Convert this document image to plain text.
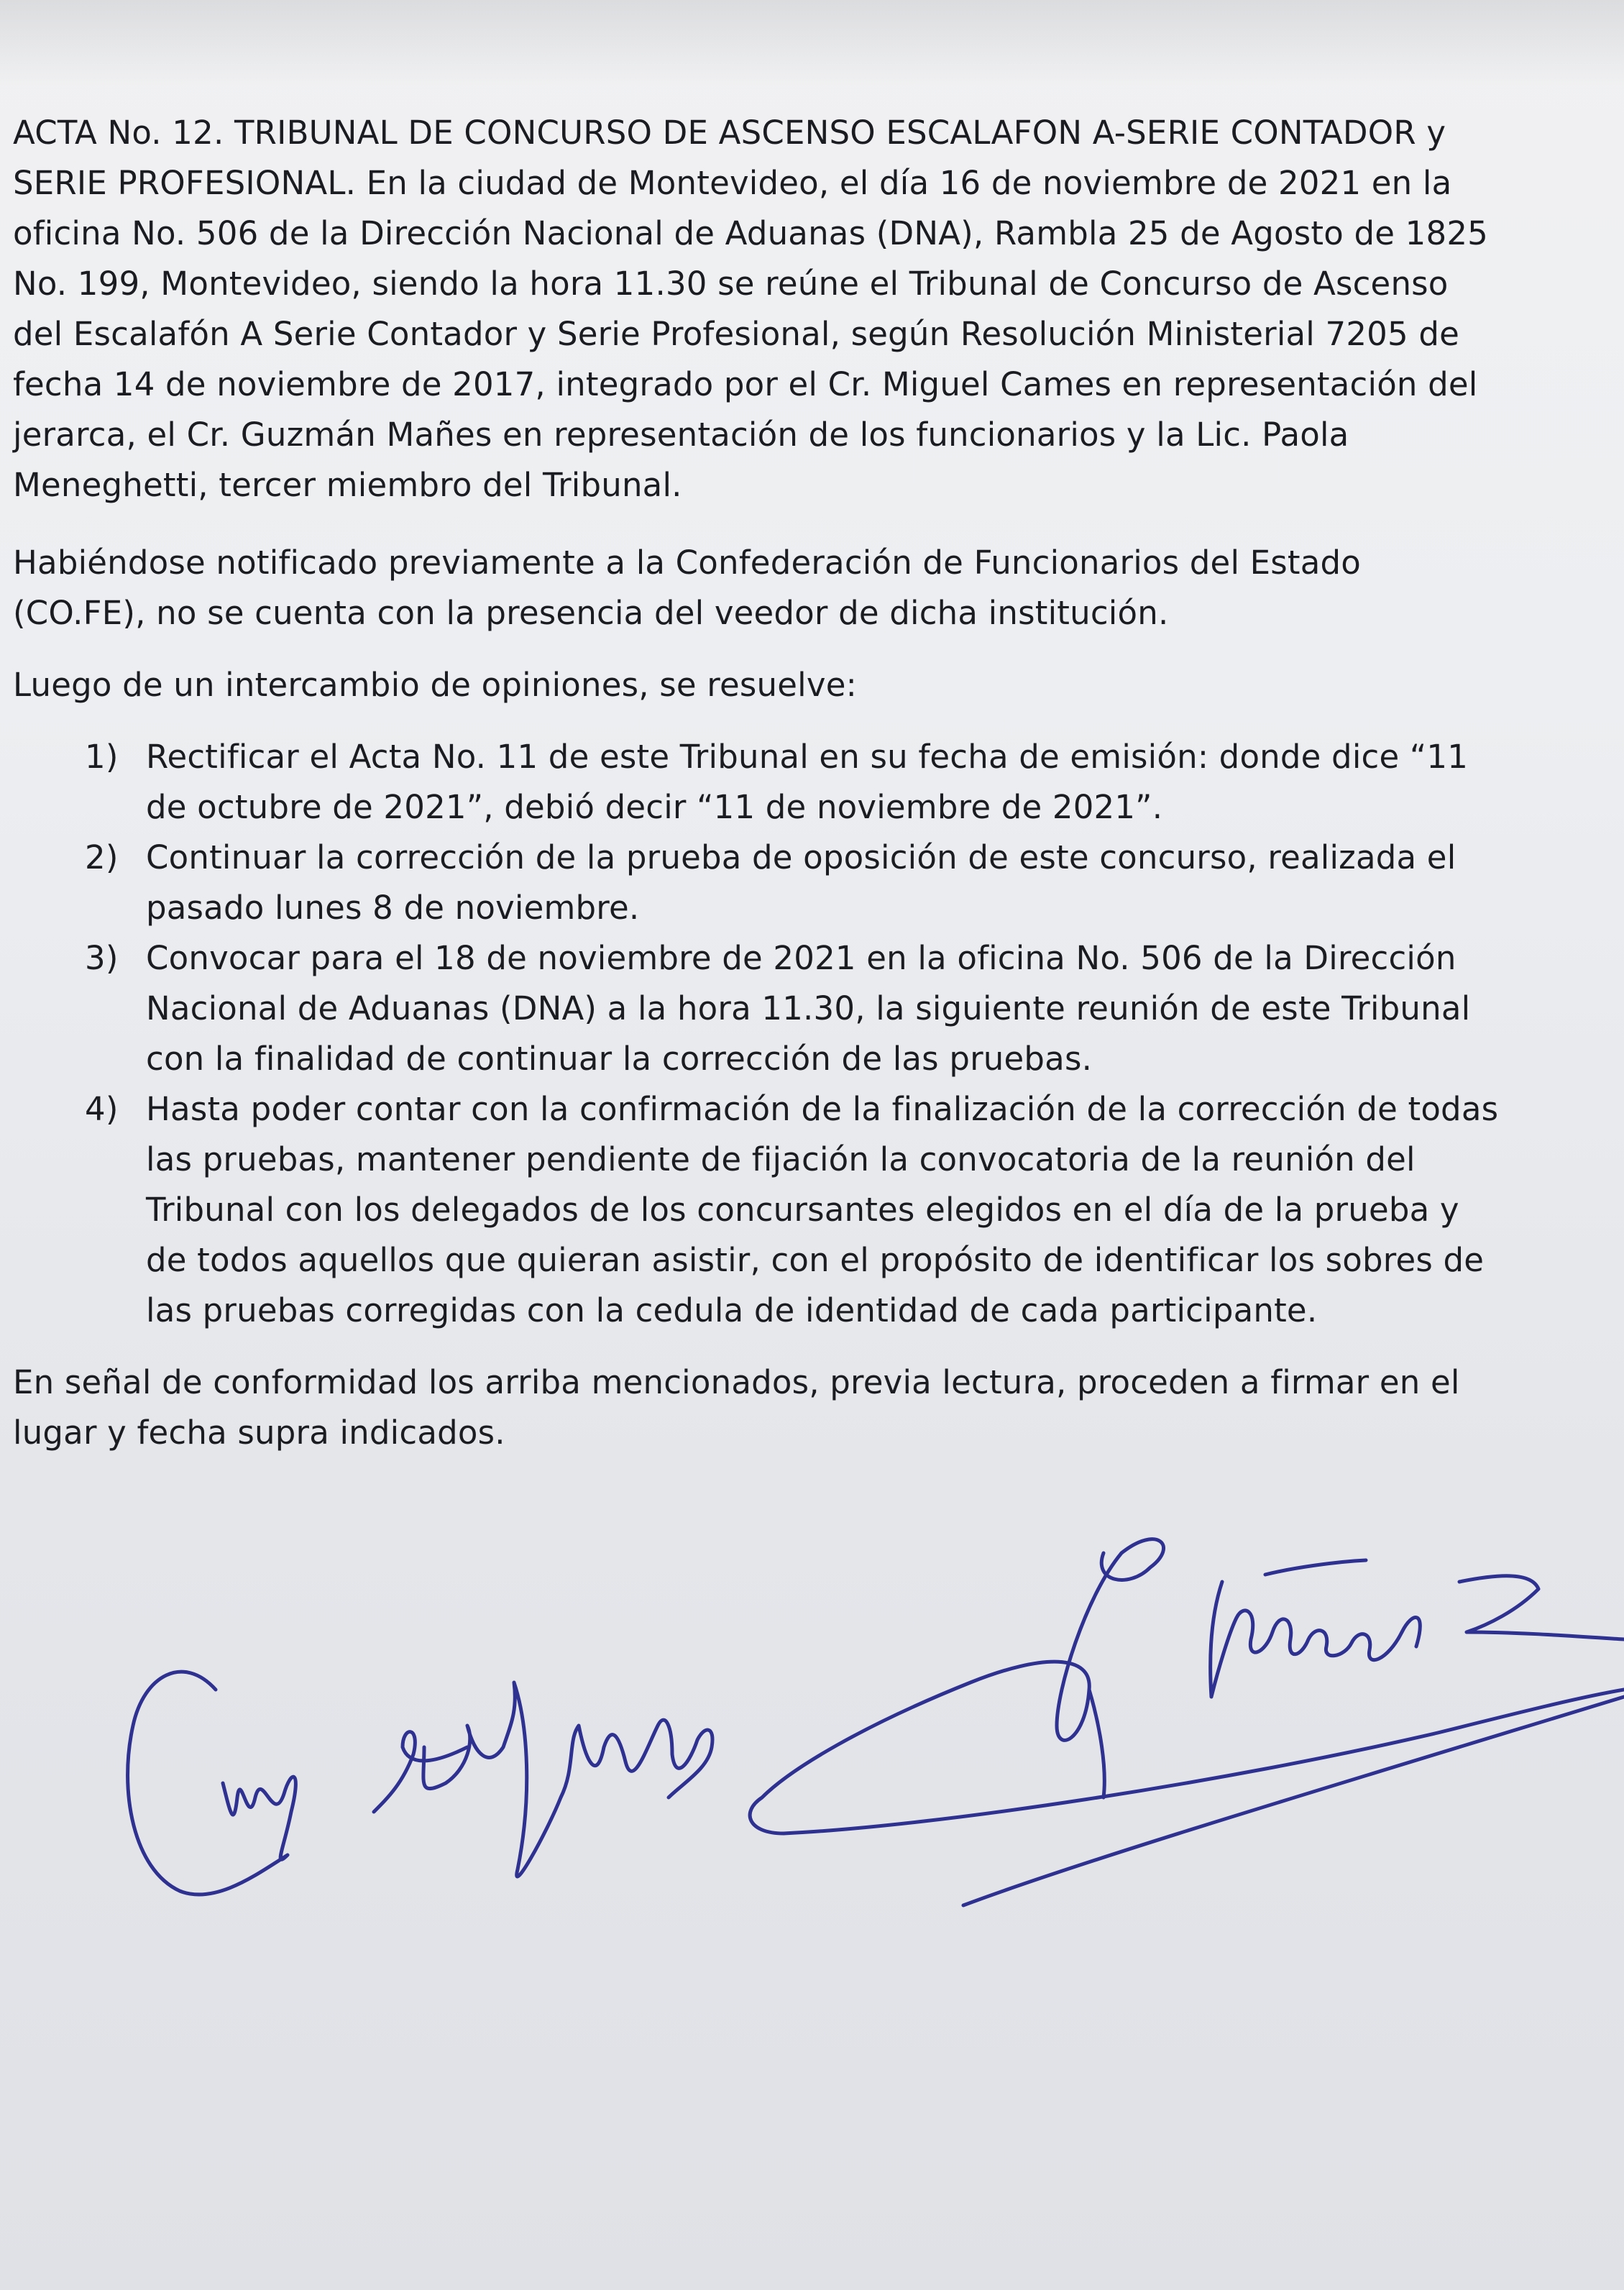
ACTA No. 12. TRIBUNAL DE CONCURSO DE ASCENSO ESCALAFON A-SERIE CONTADOR y SERIE PROFESIONAL. En la ciudad de Montevideo, el día 16 de noviembre de 2021 en la oficina No. 506 de la Dirección Nacional de Aduanas (DNA), Rambla 25 de Agosto de 1825 No. 199, Montevideo, siendo la hora 11.30 se reúne el Tribunal de Concurso de Ascenso del Escalafón A Serie Contador y Serie Profesional, según Resolución Ministerial 7205 de fecha 14 de noviembre de 2017, integrado por el Cr. Miguel Cames en representación del jerarca, el Cr. Guzmán Mañes en representación de los funcionarios y la Lic. Paola Meneghetti, tercer miembro del Tribunal.

Habiéndose notificado previamente a la Confederación de Funcionarios del Estado (CO.FE), no se cuenta con la presencia del veedor de dicha institución.

Luego de un intercambio de opiniones, se resuelve:

1) Rectificar el Acta No. 11 de este Tribunal en su fecha de emisión: donde dice “11 de octubre de 2021”, debió decir “11 de noviembre de 2021”.
2) Continuar la corrección de la prueba de oposición de este concurso, realizada el pasado lunes 8 de noviembre.
3) Convocar para el 18 de noviembre de 2021 en la oficina No. 506 de la Dirección Nacional de Aduanas (DNA) a la hora 11.30, la siguiente reunión de este Tribunal con la finalidad de continuar la corrección de las pruebas.
4) Hasta poder contar con la confirmación de la finalización de la corrección de todas las pruebas, mantener pendiente de fijación la convocatoria de la reunión del Tribunal con los delegados de los concursantes elegidos en el día de la prueba y de todos aquellos que quieran asistir, con el propósito de identificar los sobres de las pruebas corregidas con la cedula de identidad de cada participante.

En señal de conformidad los arriba mencionados, previa lectura, proceden a firmar en el lugar y fecha supra indicados.
